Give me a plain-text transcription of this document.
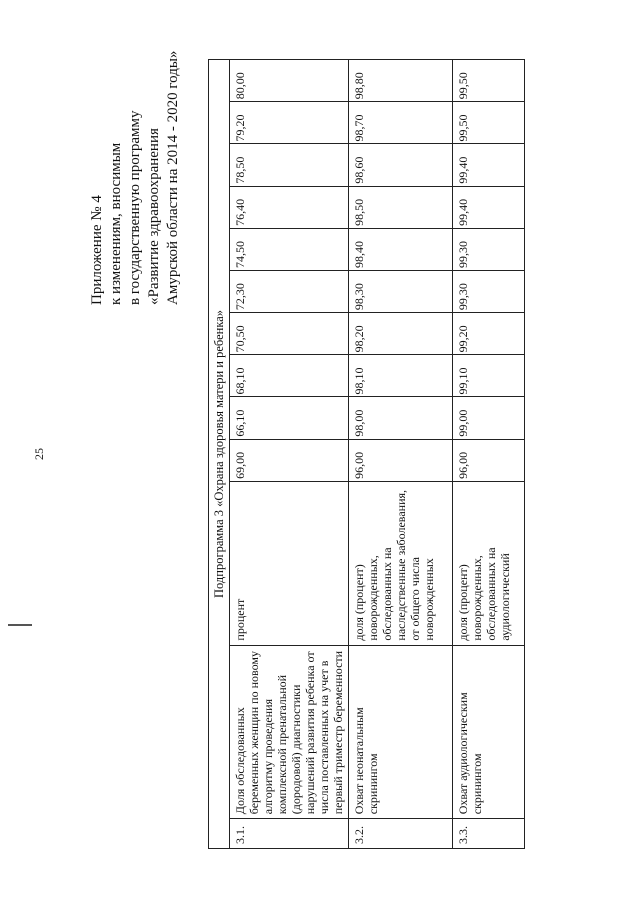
25
Приложение № 4 к изменениям, вносимым в государственную программу «Развитие здравоохранения Амурской области на 2014 - 2020 годы»
Подпрограмма 3 «Охрана здоровья матери и ребенка»												
3.1.	Доля обследованных беременных женщин по новому алгоритму проведения комплексной пренатальной (дородовой) диагностики нарушений развития ребенка от числа поставленных на учет в первый триместр беременности	процент	69,00	66,10	68,10	70,50	72,30	74,50	76,40	78,50	79,20	80,00
3.2.	Охват неонатальным скринингом	доля (процент) новорожденных, обследованных на наследственные заболевания, от общего числа новорожденных	96,00	98,00	98,10	98,20	98,30	98,40	98,50	98,60	98,70	98,80
3.3.	Охват аудиологическим скринингом	доля (процент) новорожденных, обследованных на аудиологический	96,00	99,00	99,10	99,20	99,30	99,30	99,40	99,40	99,50	99,50
